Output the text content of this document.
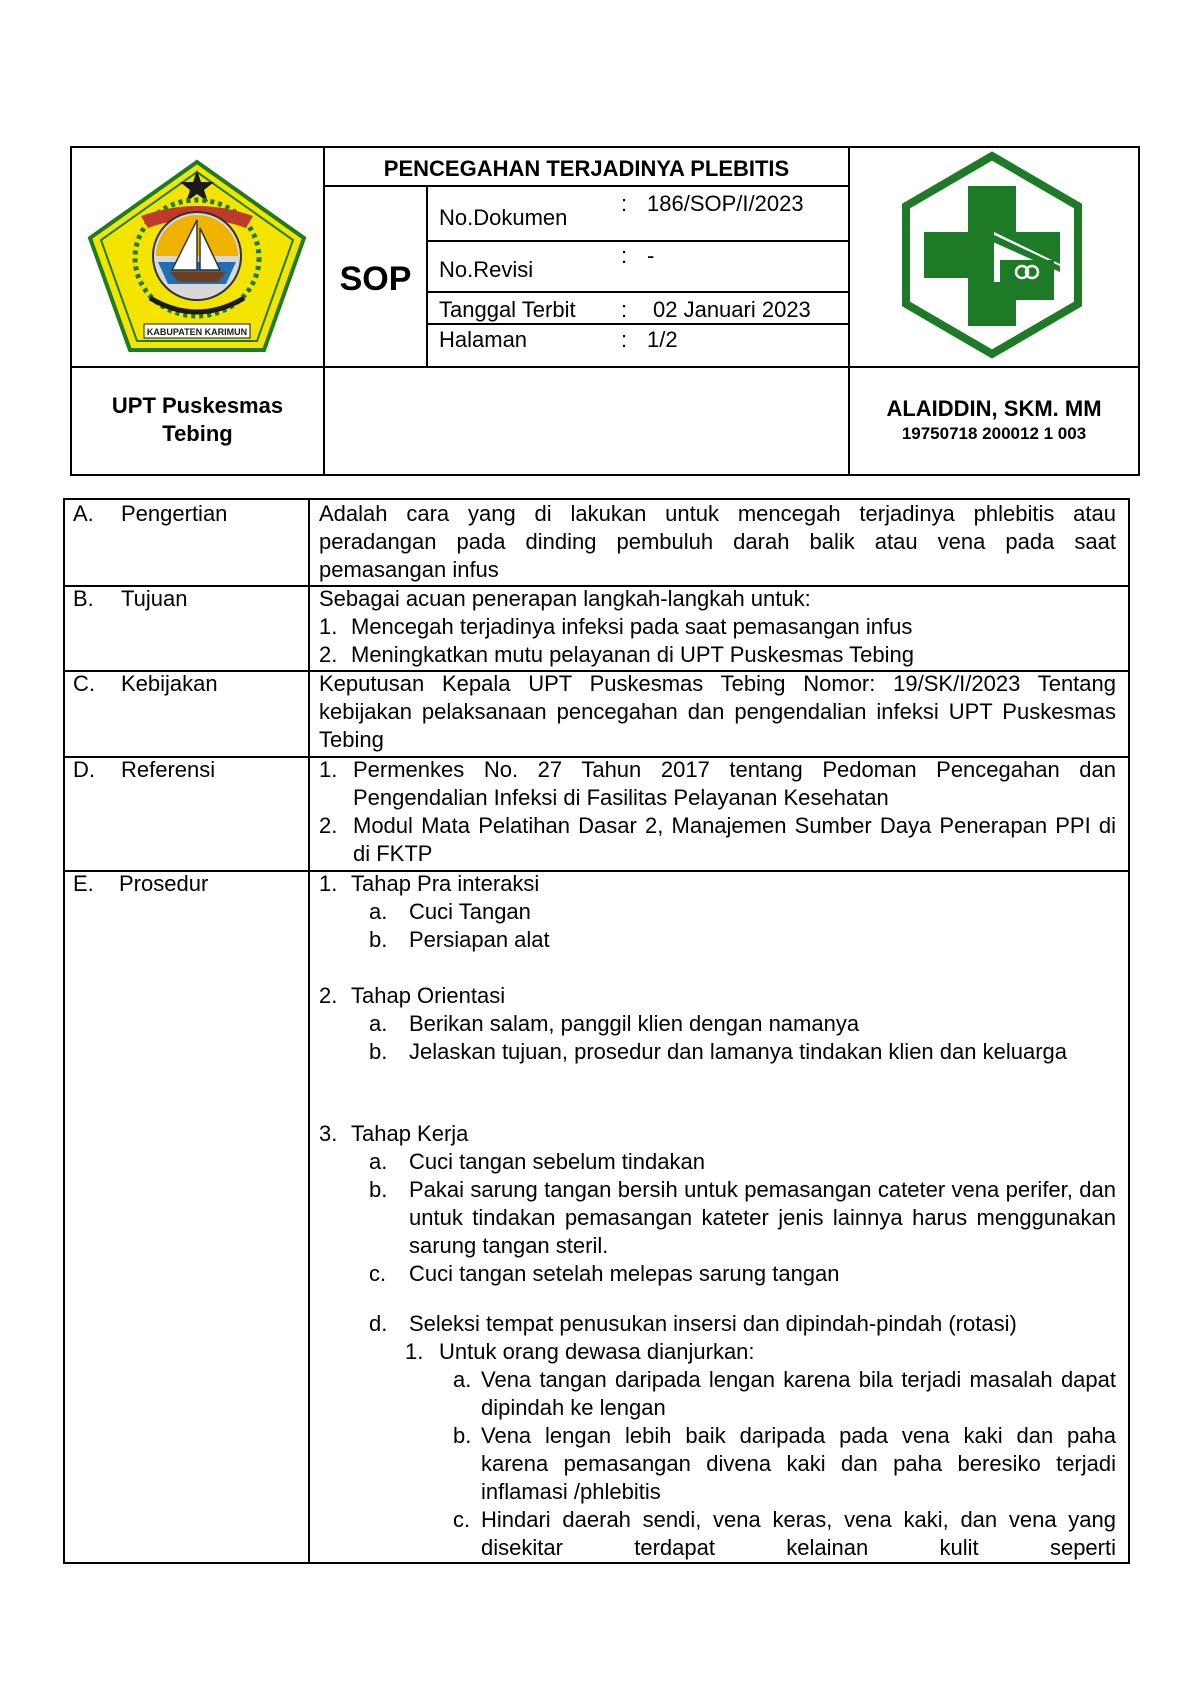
KABUPATEN KARIMUN
PENCEGAHAN TERJADINYA PLEBITIS
SOP
No.Dokumen
: 186/SOP/I/2023
No.Revisi
: -
Tanggal Terbit : 02 Januari 2023
Halaman	: 1/2
UPT Puskesmas
Tebing
ALAIDDIN, SKM. MM
19750718 200012 1 003
A. Pengertian	Adalah cara yang di lakukan untuk mencegah terjadinya phlebitis atau peradangan pada dinding pembuluh darah balik atau vena pada saat pemasangan infus
B. Tujuan	Sebagai acuan penerapan langkah-langkah untuk:
1. Mencegah terjadinya infeksi pada saat pemasangan infus
2. Meningkatkan mutu pelayanan di UPT Puskesmas Tebing
C. Kebijakan	Keputusan Kepala UPT Puskesmas Tebing Nomor: 19/SK/I/2023 Tentang kebijakan pelaksanaan pencegahan dan pengendalian infeksi UPT Puskesmas Tebing
D. Referensi	1. Permenkes No. 27 Tahun 2017 tentang Pedoman Pencegahan dan Pengendalian Infeksi di Fasilitas Pelayanan Kesehatan
2. Modul Mata Pelatihan Dasar 2, Manajemen Sumber Daya Penerapan PPI di di FKTP
E. Prosedur	1. Tahap Pra interaksi
a. Cuci Tangan
b. Persiapan alat
2. Tahap Orientasi
a. Berikan salam, panggil klien dengan namanya
b. Jelaskan tujuan, prosedur dan lamanya tindakan klien dan keluarga
3. Tahap Kerja
a. Cuci tangan sebelum tindakan
b. Pakai sarung tangan bersih untuk pemasangan cateter vena perifer, dan untuk tindakan pemasangan kateter jenis lainnya harus menggunakan sarung tangan steril.
c. Cuci tangan setelah melepas sarung tangan
d. Seleksi tempat penusukan insersi dan dipindah-pindah (rotasi)
1. Untuk orang dewasa dianjurkan:
a. Vena tangan daripada lengan karena bila terjadi masalah dapat dipindah ke lengan
b. Vena lengan lebih baik daripada pada vena kaki dan paha karena pemasangan divena kaki dan paha beresiko terjadi inflamasi /phlebitis
c. Hindari daerah sendi, vena keras, vena kaki, dan vena yang disekitar terdapat kelainan kulit seperti
